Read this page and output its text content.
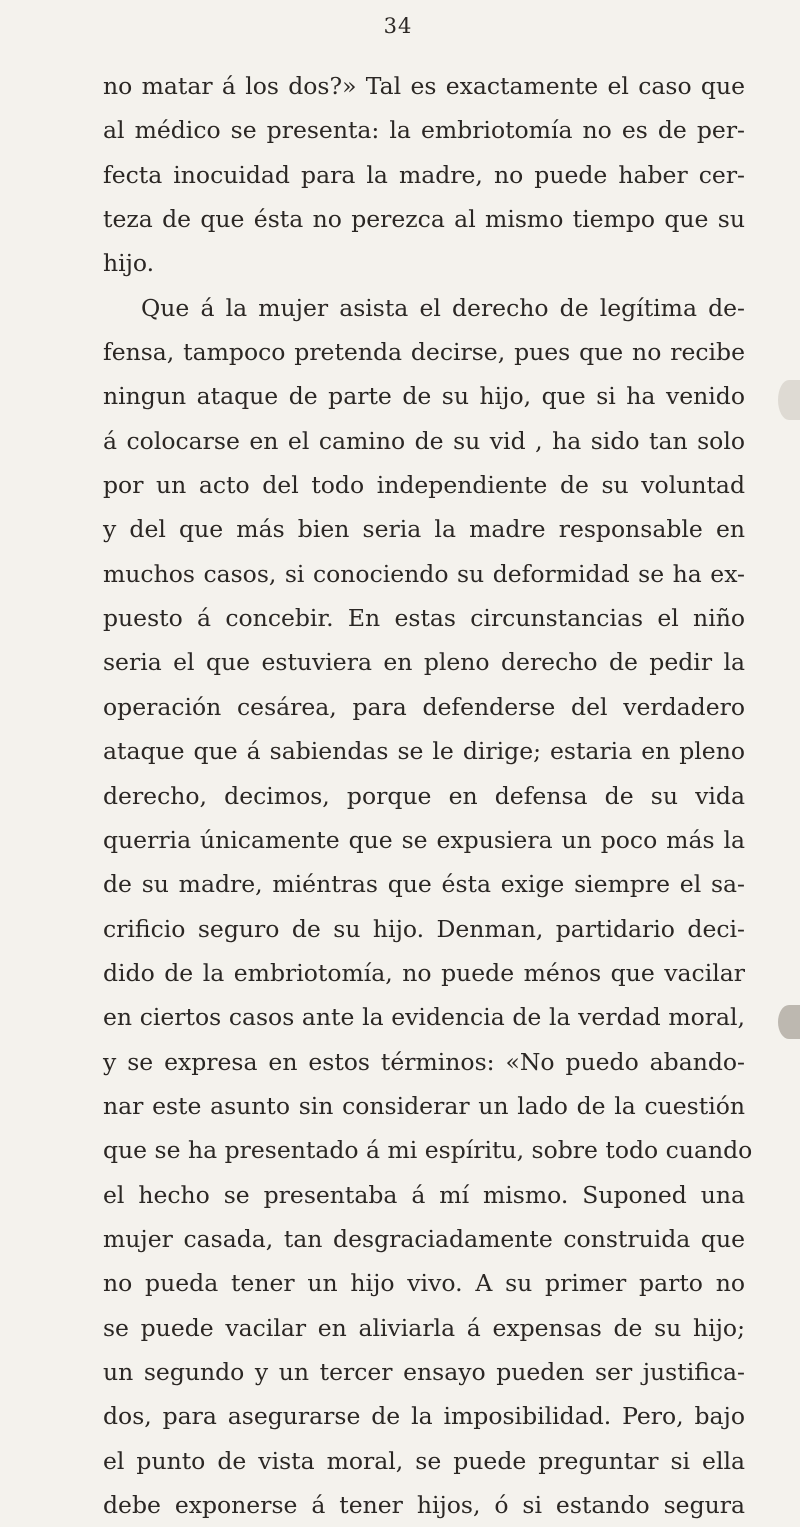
34
no matar á los dos?» Tal es exactamente el caso que
al médico se presenta: la embriotomía no es de per-
fecta inocuidad para la madre, no puede haber cer-
teza de que ésta no perezca al mismo tiempo que su
hijo.
Que á la mujer asista el derecho de legítima de-
fensa, tampoco pretenda decirse, pues que no recibe
ningun ataque de parte de su hijo, que si ha venido
á colocarse en el camino de su vid , ha sido tan solo
por un acto del todo independiente de su voluntad
y del que más bien seria la madre responsable en
muchos casos, si conociendo su deformidad se ha ex-
puesto á concebir. En estas circunstancias el niño
seria el que estuviera en pleno derecho de pedir la
operación cesárea, para defenderse del verdadero
ataque que á sabiendas se le dirige; estaria en pleno
derecho, decimos, porque en defensa de su vida
querria únicamente que se expusiera un poco más la
de su madre, miéntras que ésta exige siempre el sa-
crificio seguro de su hijo. Denman, partidario deci-
dido de la embriotomía, no puede ménos que vacilar
en ciertos casos ante la evidencia de la verdad moral,
y se expresa en estos términos: «No puedo abando-
nar este asunto sin considerar un lado de la cuestión
que se ha presentado á mi espíritu, sobre todo cuando
el hecho se presentaba á mí mismo. Suponed una
mujer casada, tan desgraciadamente construida que
no pueda tener un hijo vivo. A su primer parto no
se puede vacilar en aliviarla á expensas de su hijo;
un segundo y un tercer ensayo pueden ser justifica-
dos, para asegurarse de la imposibilidad. Pero, bajo
el punto de vista moral, se puede preguntar si ella
debe exponerse á tener hijos, ó si estando segura
